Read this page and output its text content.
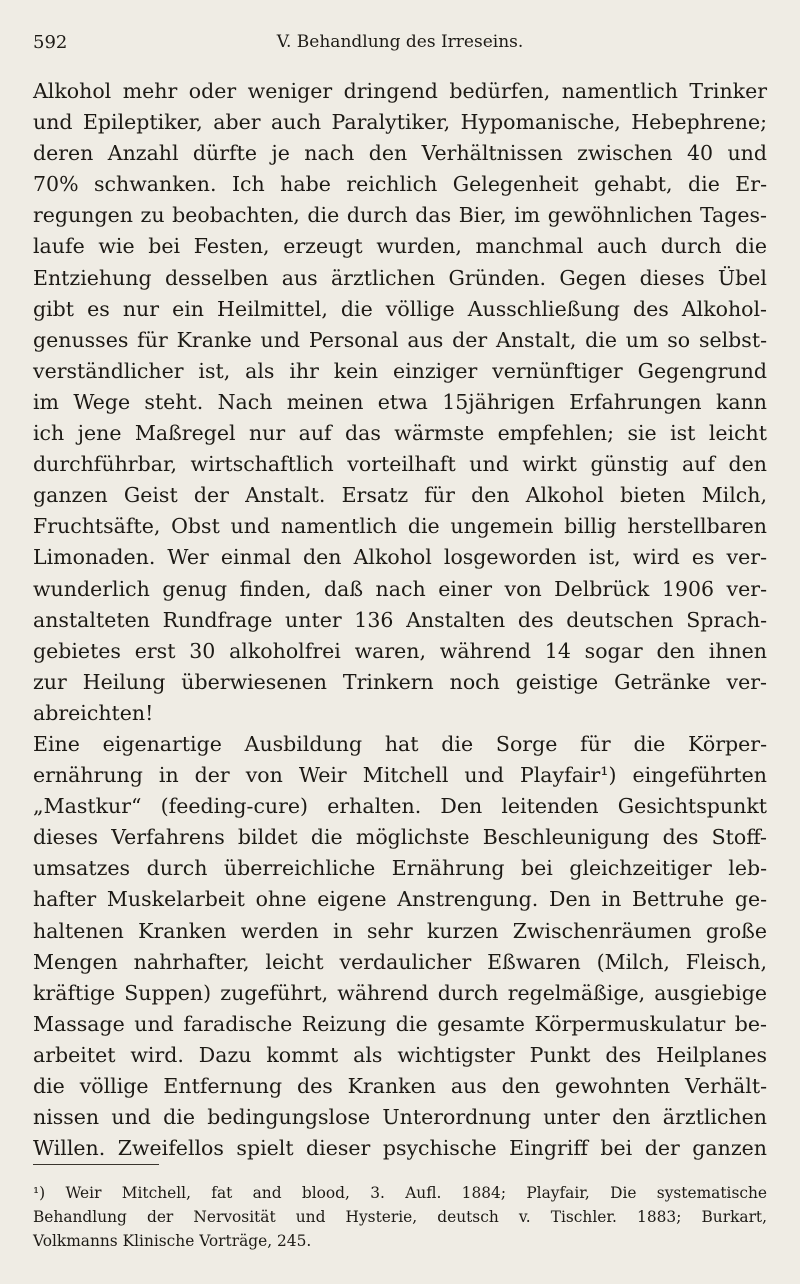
592	V. Behandlung des Irreseins.
Alkohol mehr oder weniger dringend bedürfen, namentlich Trinker
und Epileptiker, aber auch Paralytiker, Hypomanische, Hebephrene;
deren Anzahl dürfte je nach den Verhältnissen zwischen 40 und
70% schwanken. Ich habe reichlich Gelegenheit gehabt, die Er-
regungen zu beobachten, die durch das Bier, im gewöhnlichen Tages-
laufe wie bei Festen, erzeugt wurden, manchmal auch durch die
Entziehung desselben aus ärztlichen Gründen. Gegen dieses Übel
gibt es nur ein Heilmittel, die völlige Ausschließung des Alkohol-
genusses für Kranke und Personal aus der Anstalt, die um so selbst-
verständlicher ist, als ihr kein einziger vernünftiger Gegengrund
im Wege steht. Nach meinen etwa 15jährigen Erfahrungen kann
ich jene Maßregel nur auf das wärmste empfehlen; sie ist leicht
durchführbar, wirtschaftlich vorteilhaft und wirkt günstig auf den
ganzen Geist der Anstalt. Ersatz für den Alkohol bieten Milch,
Fruchtsäfte, Obst und namentlich die ungemein billig herstellbaren
Limonaden. Wer einmal den Alkohol losgeworden ist, wird es ver-
wunderlich genug finden, daß nach einer von Delbrück 1906 ver-
anstalteten Rundfrage unter 136 Anstalten des deutschen Sprach-
gebietes erst 30 alkoholfrei waren, während 14 sogar den ihnen
zur Heilung überwiesenen Trinkern noch geistige Getränke ver-
abreichten!
Eine eigenartige Ausbildung hat die Sorge für die Körper-
ernährung in der von Weir Mitchell und Playfair¹) eingeführten
„Mastkur“ (feeding-cure) erhalten. Den leitenden Gesichtspunkt
dieses Verfahrens bildet die möglichste Beschleunigung des Stoff-
umsatzes durch überreichliche Ernährung bei gleichzeitiger leb-
hafter Muskelarbeit ohne eigene Anstrengung. Den in Bettruhe ge-
haltenen Kranken werden in sehr kurzen Zwischenräumen große
Mengen nahrhafter, leicht verdaulicher Eßwaren (Milch, Fleisch,
kräftige Suppen) zugeführt, während durch regelmäßige, ausgiebige
Massage und faradische Reizung die gesamte Körpermuskulatur be-
arbeitet wird. Dazu kommt als wichtigster Punkt des Heilplanes
die völlige Entfernung des Kranken aus den gewohnten Verhält-
nissen und die bedingungslose Unterordnung unter den ärztlichen
Willen. Zweifellos spielt dieser psychische Eingriff bei der ganzen
¹) Weir Mitchell, fat and blood, 3. Aufl. 1884; Playfair, Die systematische
Behandlung der Nervosität und Hysterie, deutsch v. Tischler. 1883; Burkart,
Volkmanns Klinische Vorträge, 245.
